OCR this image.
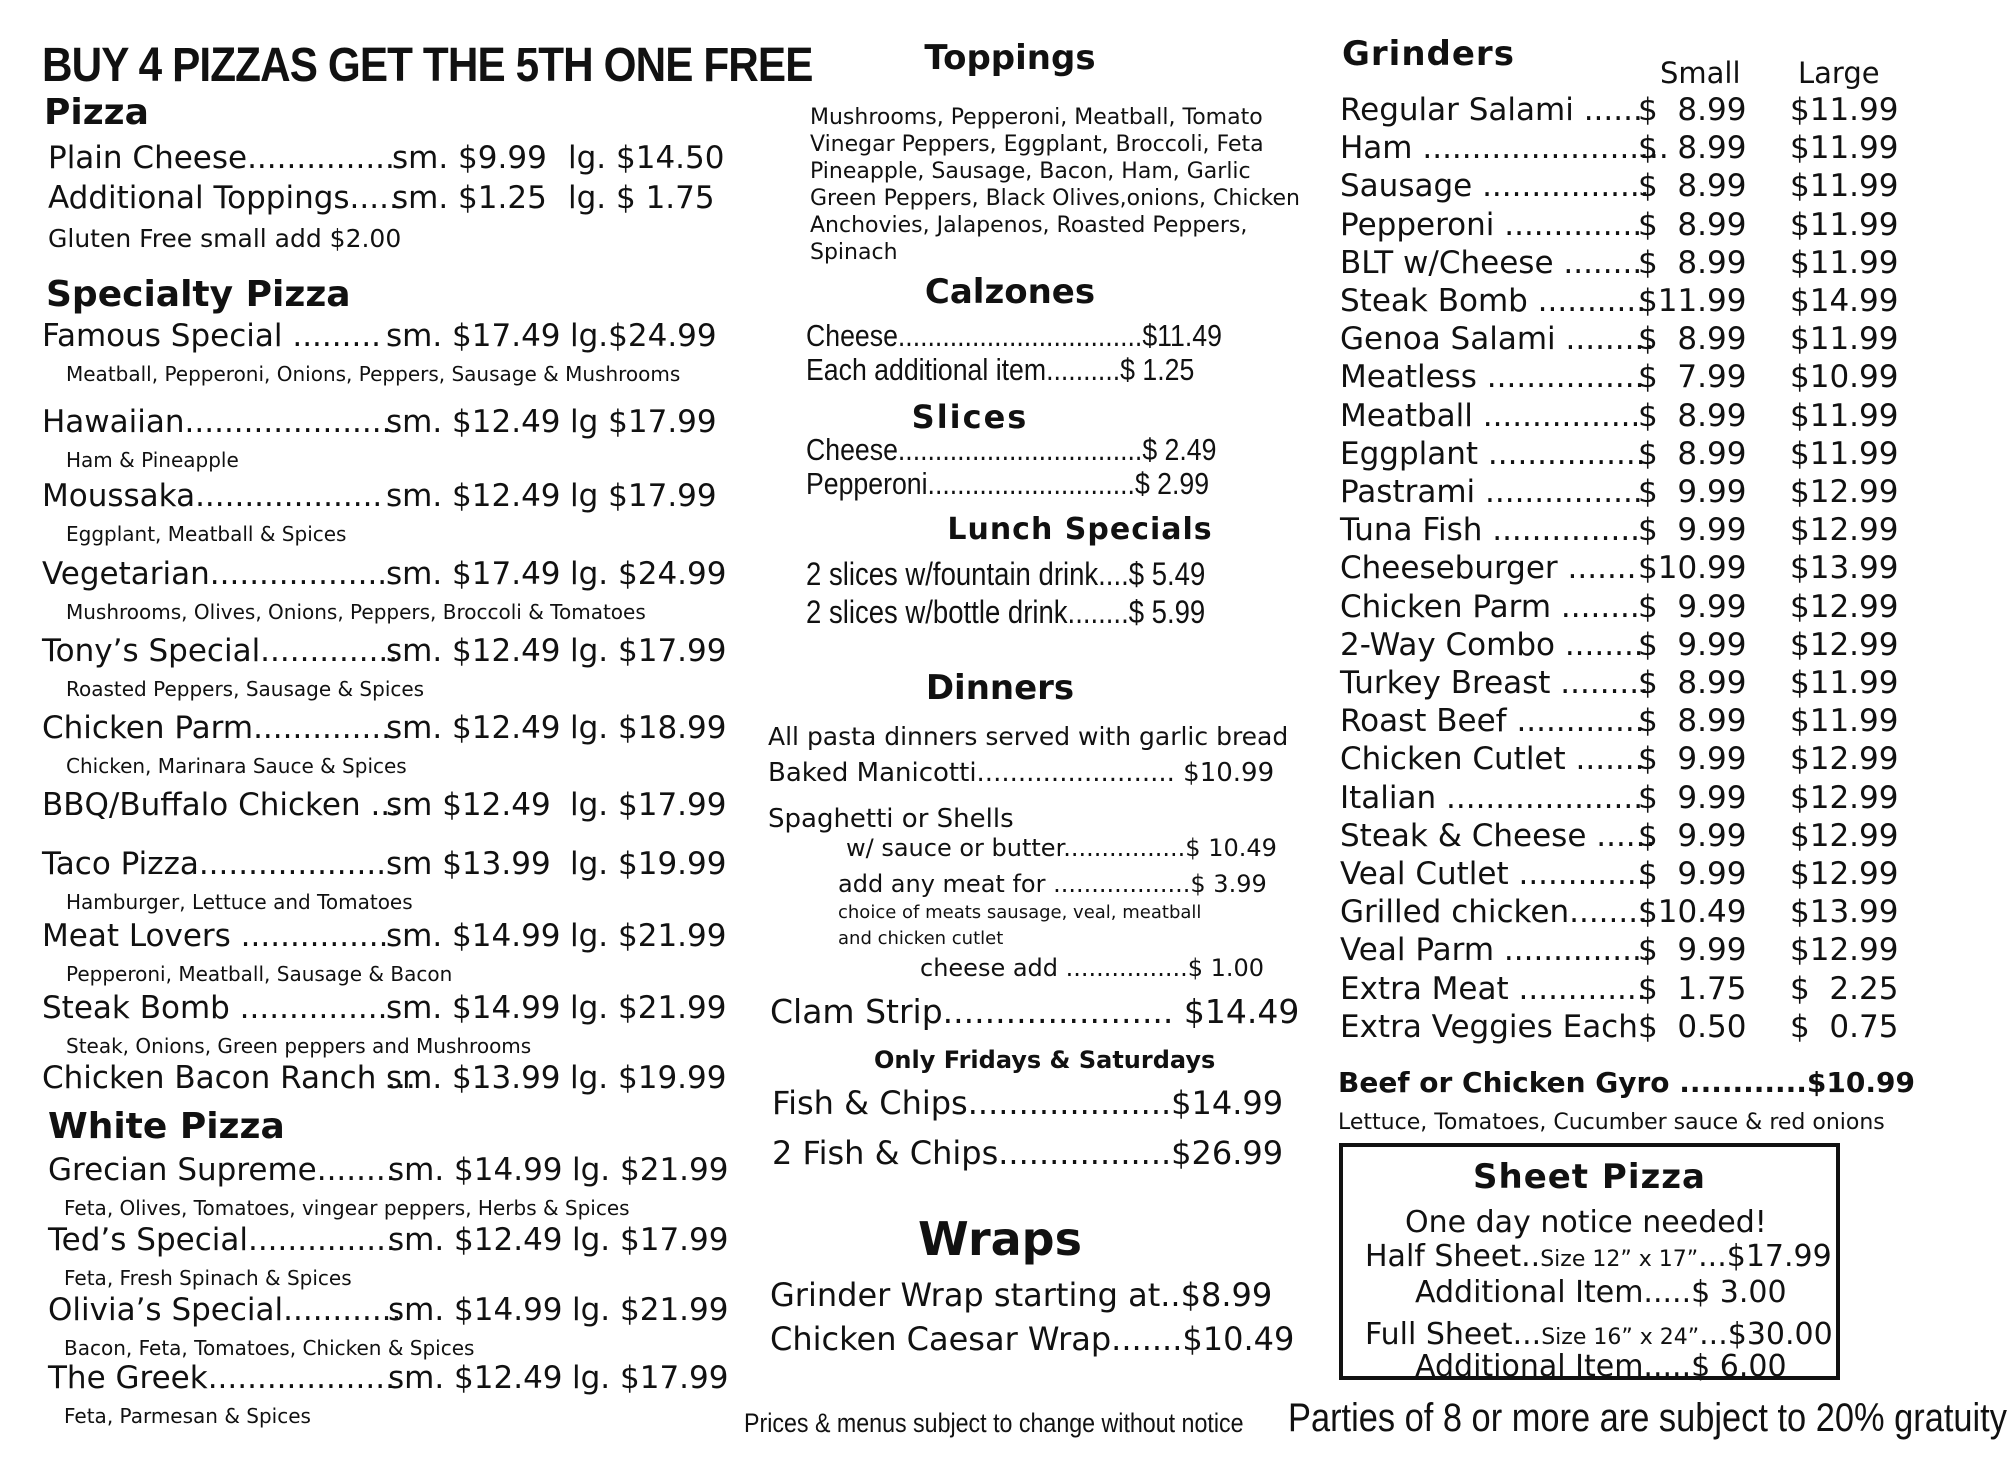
BUY 4 PIZZAS GET THE 5TH ONE FREE
Pizza
Plain Cheese...............
sm. $9.99 lg. $14.50
Additional Toppings.....
sm. $1.25 lg. $ 1.75
Gluten Free small add $2.00
Specialty Pizza
Famous Special ......... sm. $17.49 lg.$24.99
Meatball, Pepperoni, Onions, Peppers, Sausage & Mushrooms
Hawaiian.....................
sm. $12.49 lg $17.99
Ham & Pineapple
Moussaka................... sm. $12.49 lg $17.99
Eggplant, Meatball & Spices
Vegetarian..................
sm. $17.49 lg. $24.99
Mushrooms, Olives, Onions, Peppers, Broccoli & Tomatoes
Tony’s Special..............
sm. $12.49 lg. $17.99
Roasted Peppers, Sausage & Spices
Chicken Parm..............
sm. $12.49 lg. $18.99
Chicken, Marinara Sauce & Spices
BBQ/Buffalo Chicken ...
sm $12.49 lg. $17.99
Taco Pizza................... sm $13.99 lg. $19.99
Hamburger, Lettuce and Tomatoes
Meat Lovers ...............
sm. $14.99 lg. $21.99
Pepperoni, Meatball, Sausage & Bacon
Steak Bomb ...............
sm. $14.99 lg. $21.99
Steak, Onions, Green peppers and Mushrooms
Chicken Bacon Ranch ...
sm. $13.99 lg. $19.99
White Pizza
Grecian Supreme........
sm. $14.99 lg. $21.99
Feta, Olives, Tomatoes, vingear peppers, Herbs & Spices
Ted’s Special...............
sm. $12.49 lg. $17.99
Feta, Fresh Spinach & Spices
Olivia’s Special............
sm. $14.99 lg. $21.99
Bacon, Feta, Tomatoes, Chicken & Spices
The Greek...................
sm. $12.49 lg. $17.99
Feta, Parmesan & Spices
Toppings
Mushrooms, Pepperoni, Meatball, Tomato Vinegar Peppers, Eggplant, Broccoli, Feta Pineapple, Sausage, Bacon, Ham, Garlic Green Peppers, Black Olives,onions, Chicken Anchovies, Jalapenos, Roasted Peppers, Spinach
Calzones
Cheese.................................$11.49
Each additional item..........$ 1.25
Slices
Cheese.................................$ 2.49
Pepperoni............................$ 2.99
Lunch Specials
2 slices w/fountain drink....$ 5.49
2 slices w/bottle drink........$ 5.99
Dinners
All pasta dinners served with garlic bread
Baked Manicotti........................ $10.99
Spaghetti or Shells
w/ sauce or butter................$ 10.49
add any meat for ..................$ 3.99
choice of meats sausage, veal, meatball
and chicken cutlet
cheese add ................$ 1.00
Clam Strip...................... $14.49
Only Fridays & Saturdays
Fish & Chips....................$14.99
2 Fish & Chips.................$26.99
Wraps
Grinder Wrap starting at..$8.99
Chicken Caesar Wrap.......$10.49
Prices & menus subject to change without notice
Grinders	Small Large
Regular Salami ......
$  8.99 $11.99
Ham .........................
$  8.99 $11.99
Sausage .................
$  8.99 $11.99
Pepperoni ..............
$  8.99 $11.99
BLT w/Cheese ........
$  8.99 $11.99
Steak Bomb ...........
$11.99 $14.99
Genoa Salami .........
$  8.99 $11.99
Meatless ................
$  7.99 $10.99
Meatball ................
$  8.99 $11.99
Eggplant ................
$  8.99 $11.99
Pastrami ................
$  9.99 $12.99
Tuna Fish ...............
$  9.99 $12.99
Cheeseburger ....... $10.99 $13.99
Chicken Parm ........
$  9.99 $12.99
2-Way Combo ........
$  9.99 $12.99
Turkey Breast .........
$  8.99 $11.99
Roast Beef .............
$  8.99 $11.99
Chicken Cutlet .......
$  9.99 $12.99
Italian ....................
$  9.99 $12.99
Steak & Cheese ......
$  9.99 $12.99
Veal Cutlet .............
$  9.99 $12.99
Grilled chicken........
$10.49 $13.99
Veal Parm ...............
$  9.99 $12.99
Extra Meat .............
$  1.75 $  2.25
Extra Veggies Each $  0.50 $  0.75
Beef or Chicken Gyro ............$10.99
Lettuce, Tomatoes, Cucumber sauce & red onions
Sheet Pizza
One day notice needed!
Half Sheet..Size 12” x 17”...$17.99
Additional Item.....$ 3.00
Full Sheet...Size 16” x 24”...$30.00
Additional Item.....$ 6.00
Parties of 8 or more are subject to 20% gratuity
